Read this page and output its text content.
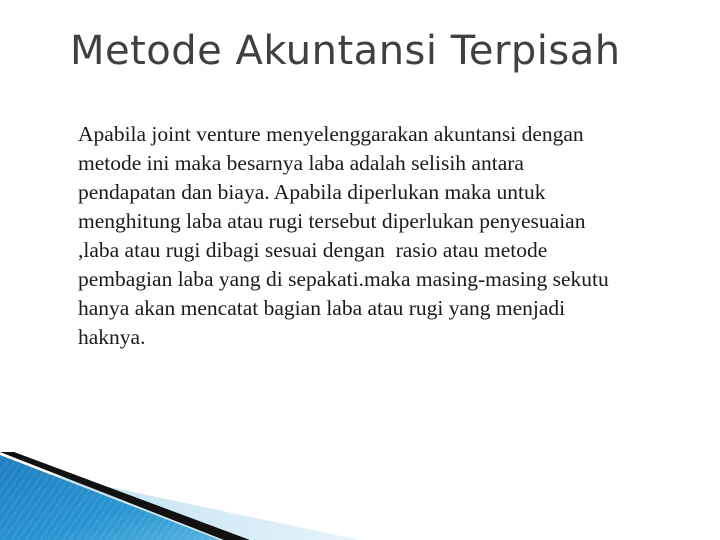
Metode Akuntansi Terpisah

Apabila joint venture menyelenggarakan akuntansi dengan
metode ini maka besarnya laba adalah selisih antara
pendapatan dan biaya. Apabila diperlukan maka untuk
menghitung laba atau rugi tersebut diperlukan penyesuaian
,laba atau rugi dibagi sesuai dengan  rasio atau metode
pembagian laba yang di sepakati.maka masing-masing sekutu
hanya akan mencatat bagian laba atau rugi yang menjadi
haknya.
